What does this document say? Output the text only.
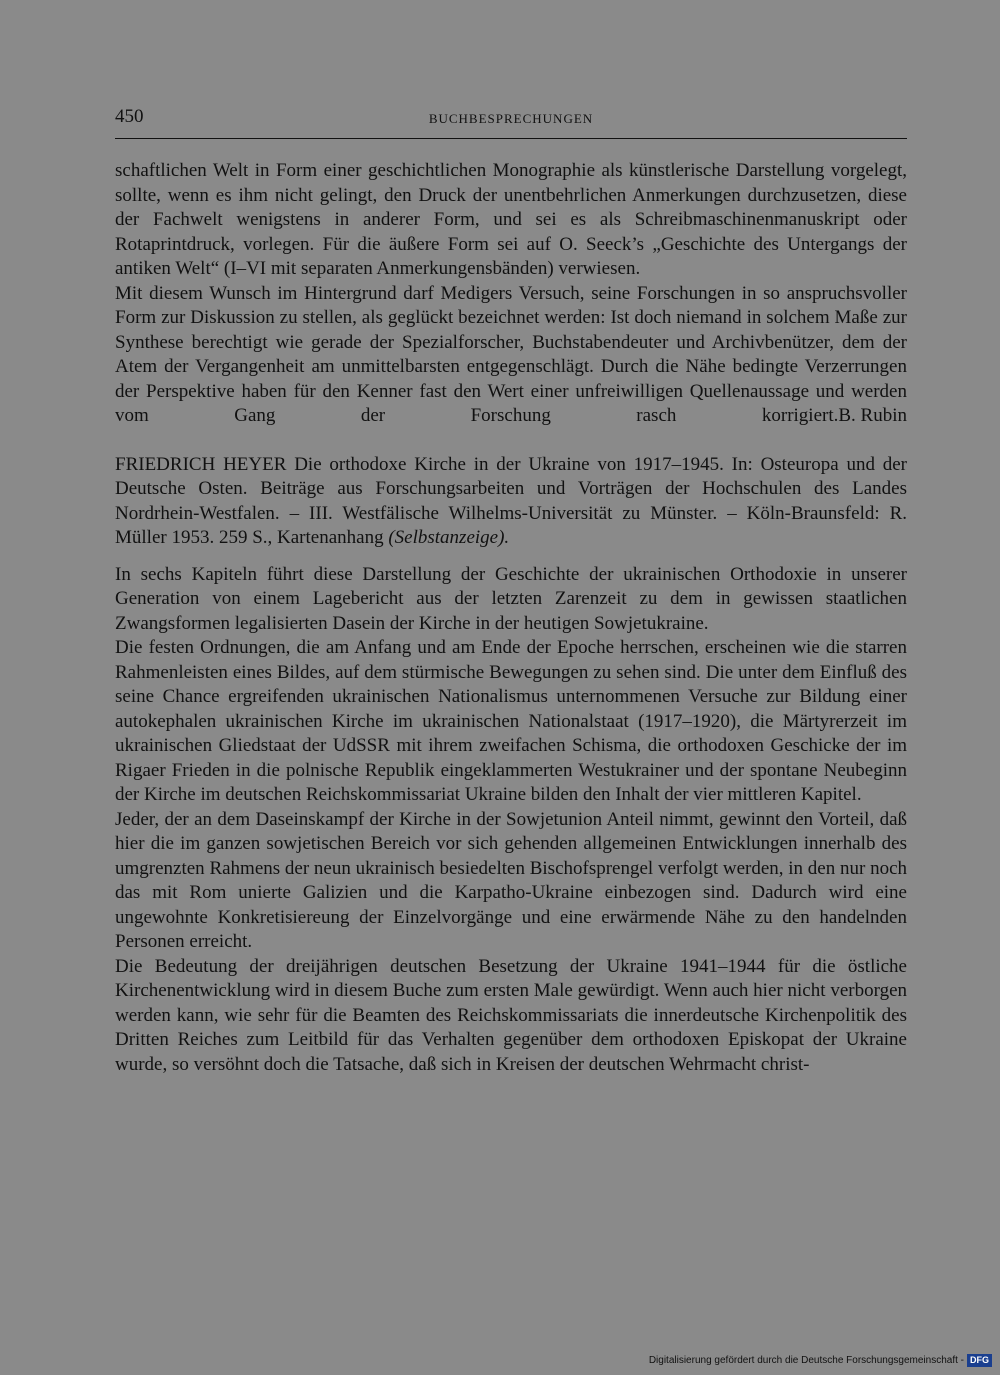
450	BUCHBESPRECHUNGEN

schaftlichen Welt in Form einer geschichtlichen Monographie als künstlerische Darstellung vorgelegt, sollte, wenn es ihm nicht gelingt, den Druck der unentbehrlichen Anmerkungen durchzusetzen, diese der Fachwelt wenigstens in anderer Form, und sei es als Schreibmaschinenmanuskript oder Rotaprintdruck, vorlegen. Für die äußere Form sei auf O. Seeck’s „Geschichte des Untergangs der antiken Welt“ (I–VI mit separaten Anmerkungensbänden) verwiesen.

Mit diesem Wunsch im Hintergrund darf Medigers Versuch, seine Forschungen in so anspruchsvoller Form zur Diskussion zu stellen, als geglückt bezeichnet werden: Ist doch niemand in solchem Maße zur Synthese berechtigt wie gerade der Spezialforscher, Buchstabendeuter und Archivbenützer, dem der Atem der Vergangenheit am unmittelbarsten entgegenschlägt. Durch die Nähe bedingte Verzerrungen der Perspektive haben für den Kenner fast den Wert einer unfreiwilligen Quellenaussage und werden vom Gang der Forschung rasch korrigiert. B. Rubin

FRIEDRICH HEYER Die orthodoxe Kirche in der Ukraine von 1917–1945. In: Osteuropa und der Deutsche Osten. Beiträge aus Forschungsarbeiten und Vorträgen der Hochschulen des Landes Nordrhein-Westfalen. – III. Westfälische Wilhelms-Universität zu Münster. – Köln-Braunsfeld: R. Müller 1953. 259 S., Kartenanhang (Selbstanzeige).

In sechs Kapiteln führt diese Darstellung der Geschichte der ukrainischen Orthodoxie in unserer Generation von einem Lagebericht aus der letzten Zarenzeit zu dem in gewissen staatlichen Zwangsformen legalisierten Dasein der Kirche in der heutigen Sowjetukraine.

Die festen Ordnungen, die am Anfang und am Ende der Epoche herrschen, erscheinen wie die starren Rahmenleisten eines Bildes, auf dem stürmische Bewegungen zu sehen sind. Die unter dem Einfluß des seine Chance ergreifenden ukrainischen Nationalismus unternommenen Versuche zur Bildung einer autokephalen ukrainischen Kirche im ukrainischen Nationalstaat (1917–1920), die Märtyrerzeit im ukrainischen Gliedstaat der UdSSR mit ihrem zweifachen Schisma, die orthodoxen Geschicke der im Rigaer Frieden in die polnische Republik eingeklammerten Westukrainer und der spontane Neubeginn der Kirche im deutschen Reichskommissariat Ukraine bilden den Inhalt der vier mittleren Kapitel.

Jeder, der an dem Daseinskampf der Kirche in der Sowjetunion Anteil nimmt, gewinnt den Vorteil, daß hier die im ganzen sowjetischen Bereich vor sich gehenden allgemeinen Entwicklungen innerhalb des umgrenzten Rahmens der neun ukrainisch besiedelten Bischofsprengel verfolgt werden, in den nur noch das mit Rom unierte Galizien und die Karpatho-Ukraine einbezogen sind. Dadurch wird eine ungewohnte Konkretisiereung der Einzelvorgänge und eine erwärmende Nähe zu den handelnden Personen erreicht.

Die Bedeutung der dreijährigen deutschen Besetzung der Ukraine 1941–1944 für die östliche Kirchenentwicklung wird in diesem Buche zum ersten Male gewürdigt. Wenn auch hier nicht verborgen werden kann, wie sehr für die Beamten des Reichskommissariats die innerdeutsche Kirchenpolitik des Dritten Reiches zum Leitbild für das Verhalten gegenüber dem orthodoxen Episkopat der Ukraine wurde, so versöhnt doch die Tatsache, daß sich in Kreisen der deutschen Wehrmacht christ-

Digitalisierung gefördert durch die Deutsche Forschungsgemeinschaft - DFG
